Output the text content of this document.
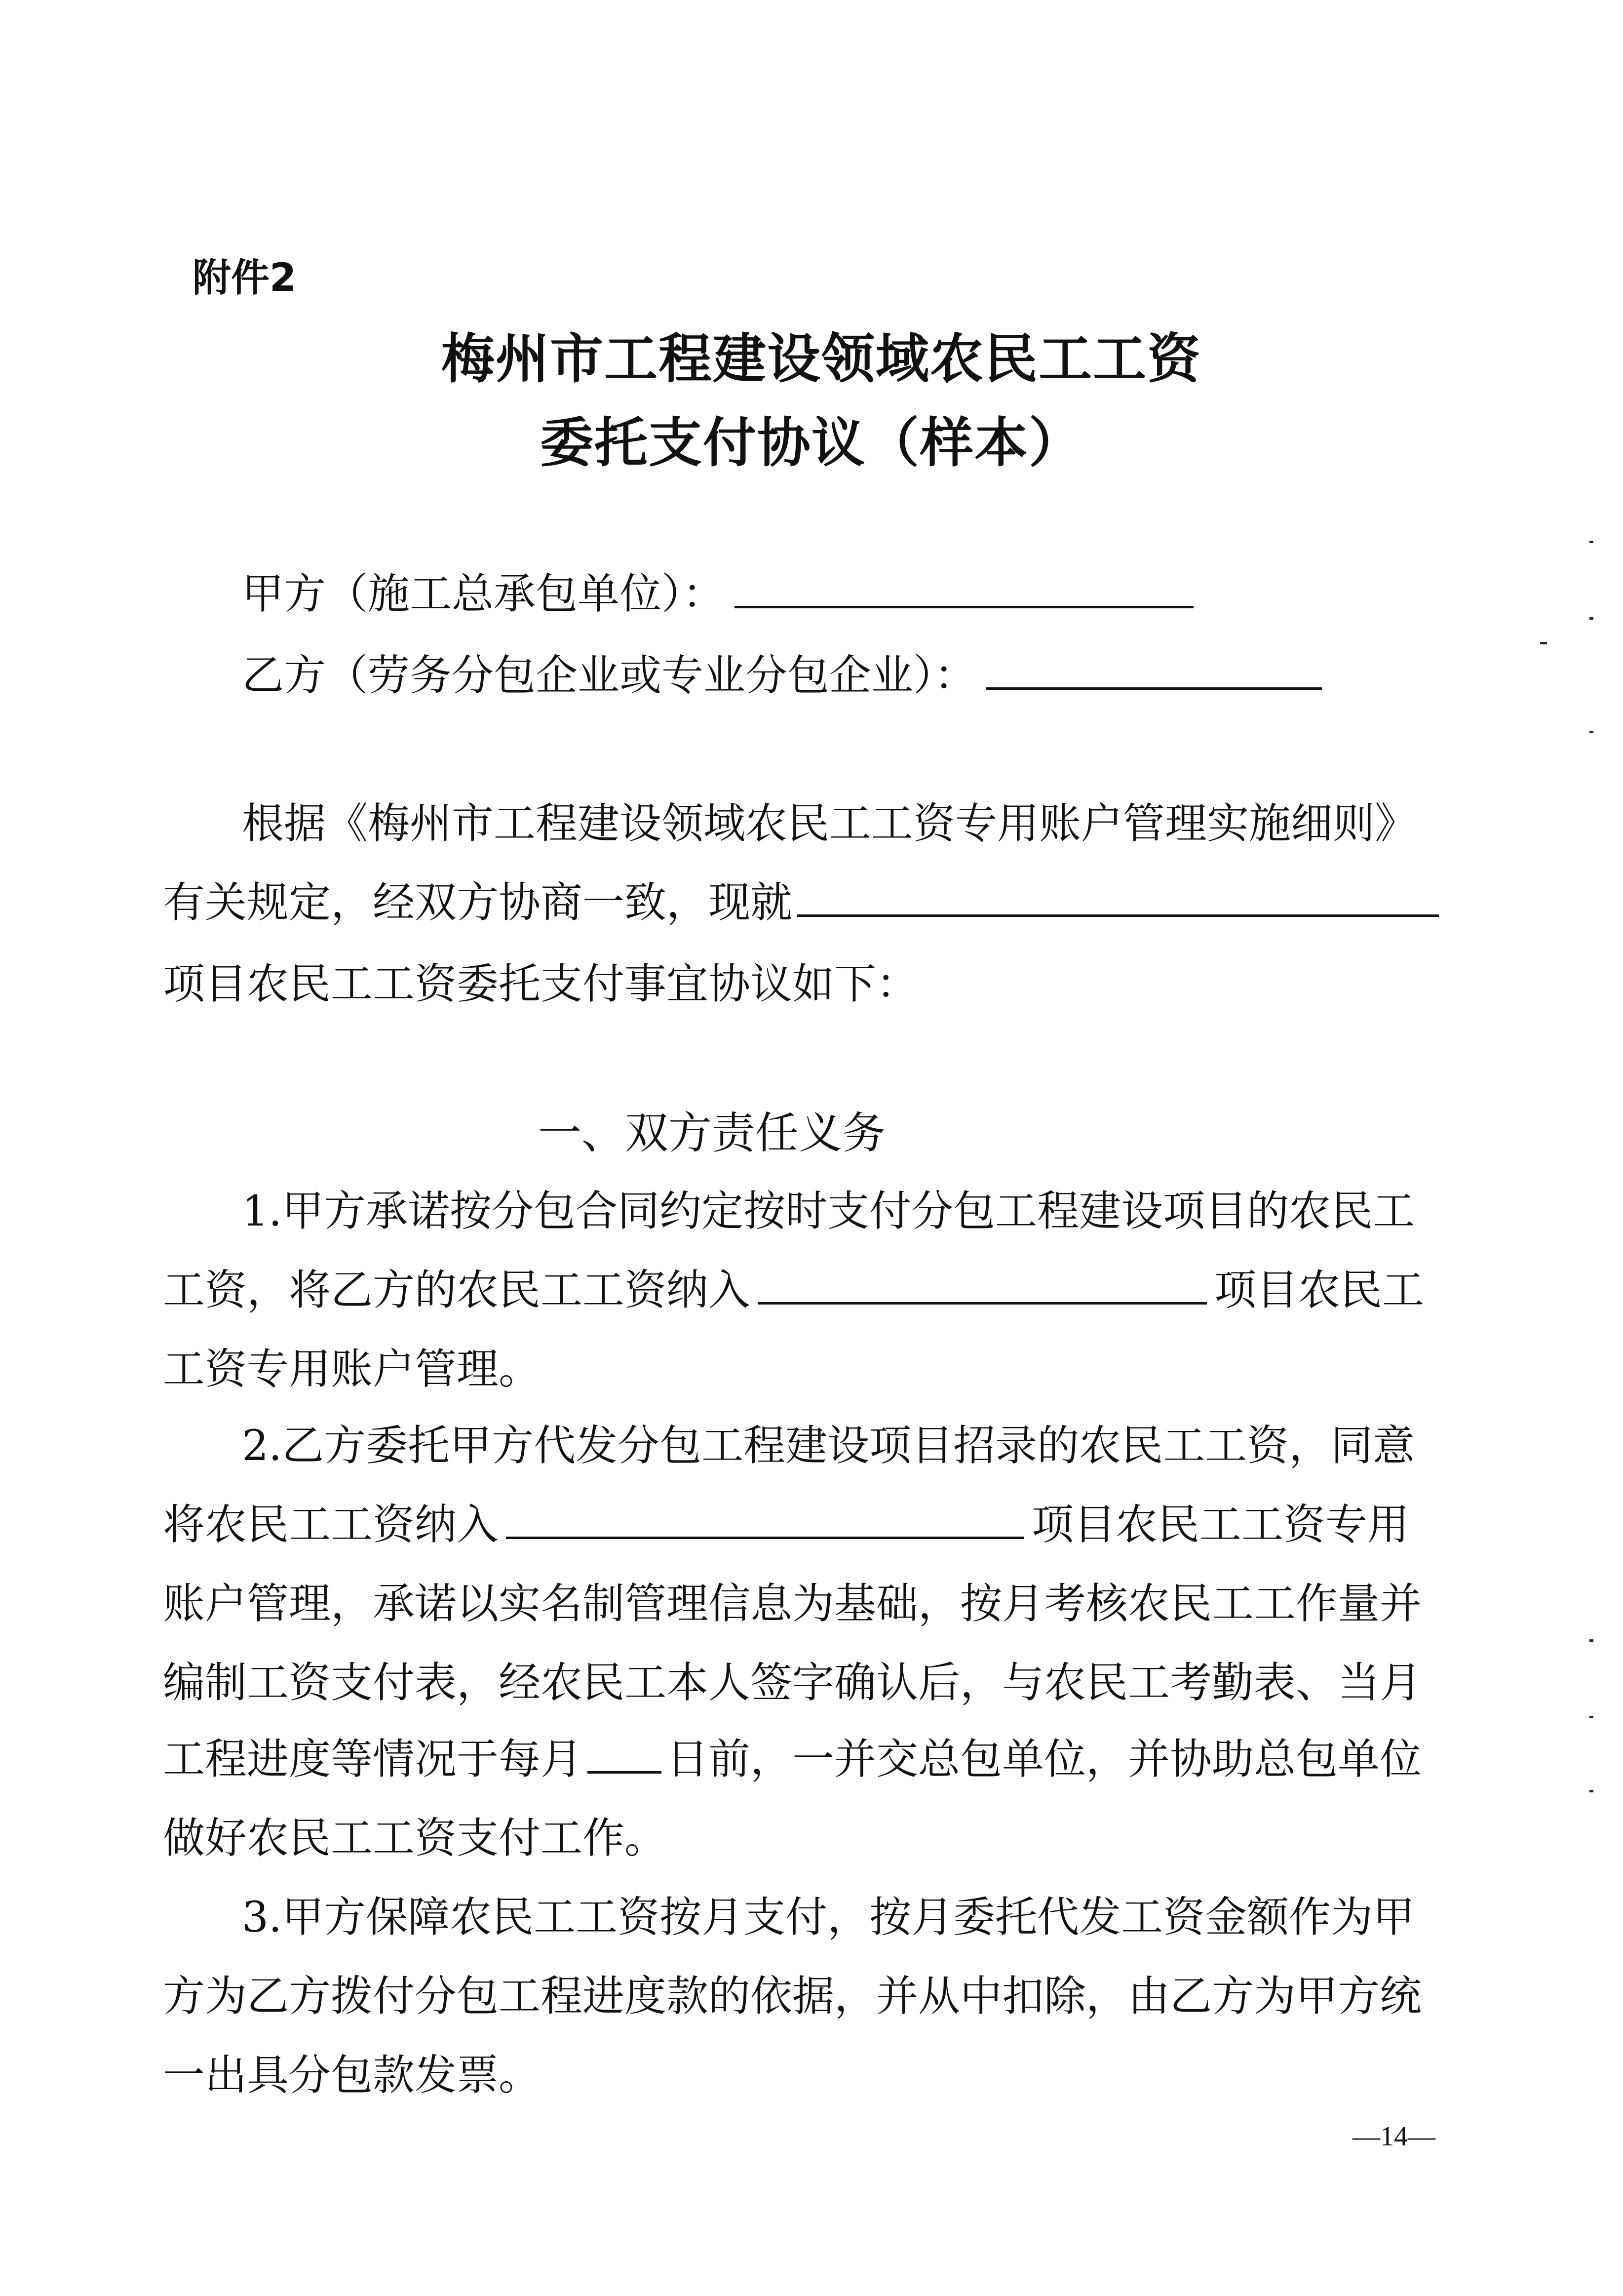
附件2
梅州市工程建设领域农民工工资
委托支付协议（样本）
甲方（施工总承包单位）：
乙方（劳务分包企业或专业分包企业）：
根据《梅州市工程建设领域农民工工资专用账户管理实施细则》
有关规定，经双方协商一致，现就
项目农民工工资委托支付事宜协议如下：
一、双方责任义务
1.甲方承诺按分包合同约定按时支付分包工程建设项目的农民工
工资，将乙方的农民工工资纳入	项目农民工
工资专用账户管理。
2.乙方委托甲方代发分包工程建设项目招录的农民工工资，同意
将农民工工资纳入	项目农民工工资专用
账户管理，承诺以实名制管理信息为基础，按月考核农民工工作量并
编制工资支付表，经农民工本人签字确认后，与农民工考勤表、当月
工程进度等情况于每月 日前，一并交总包单位，并协助总包单位
做好农民工工资支付工作。
3.甲方保障农民工工资按月支付，按月委托代发工资金额作为甲
方为乙方拨付分包工程进度款的依据，并从中扣除，由乙方为甲方统
一出具分包款发票。
—14—
